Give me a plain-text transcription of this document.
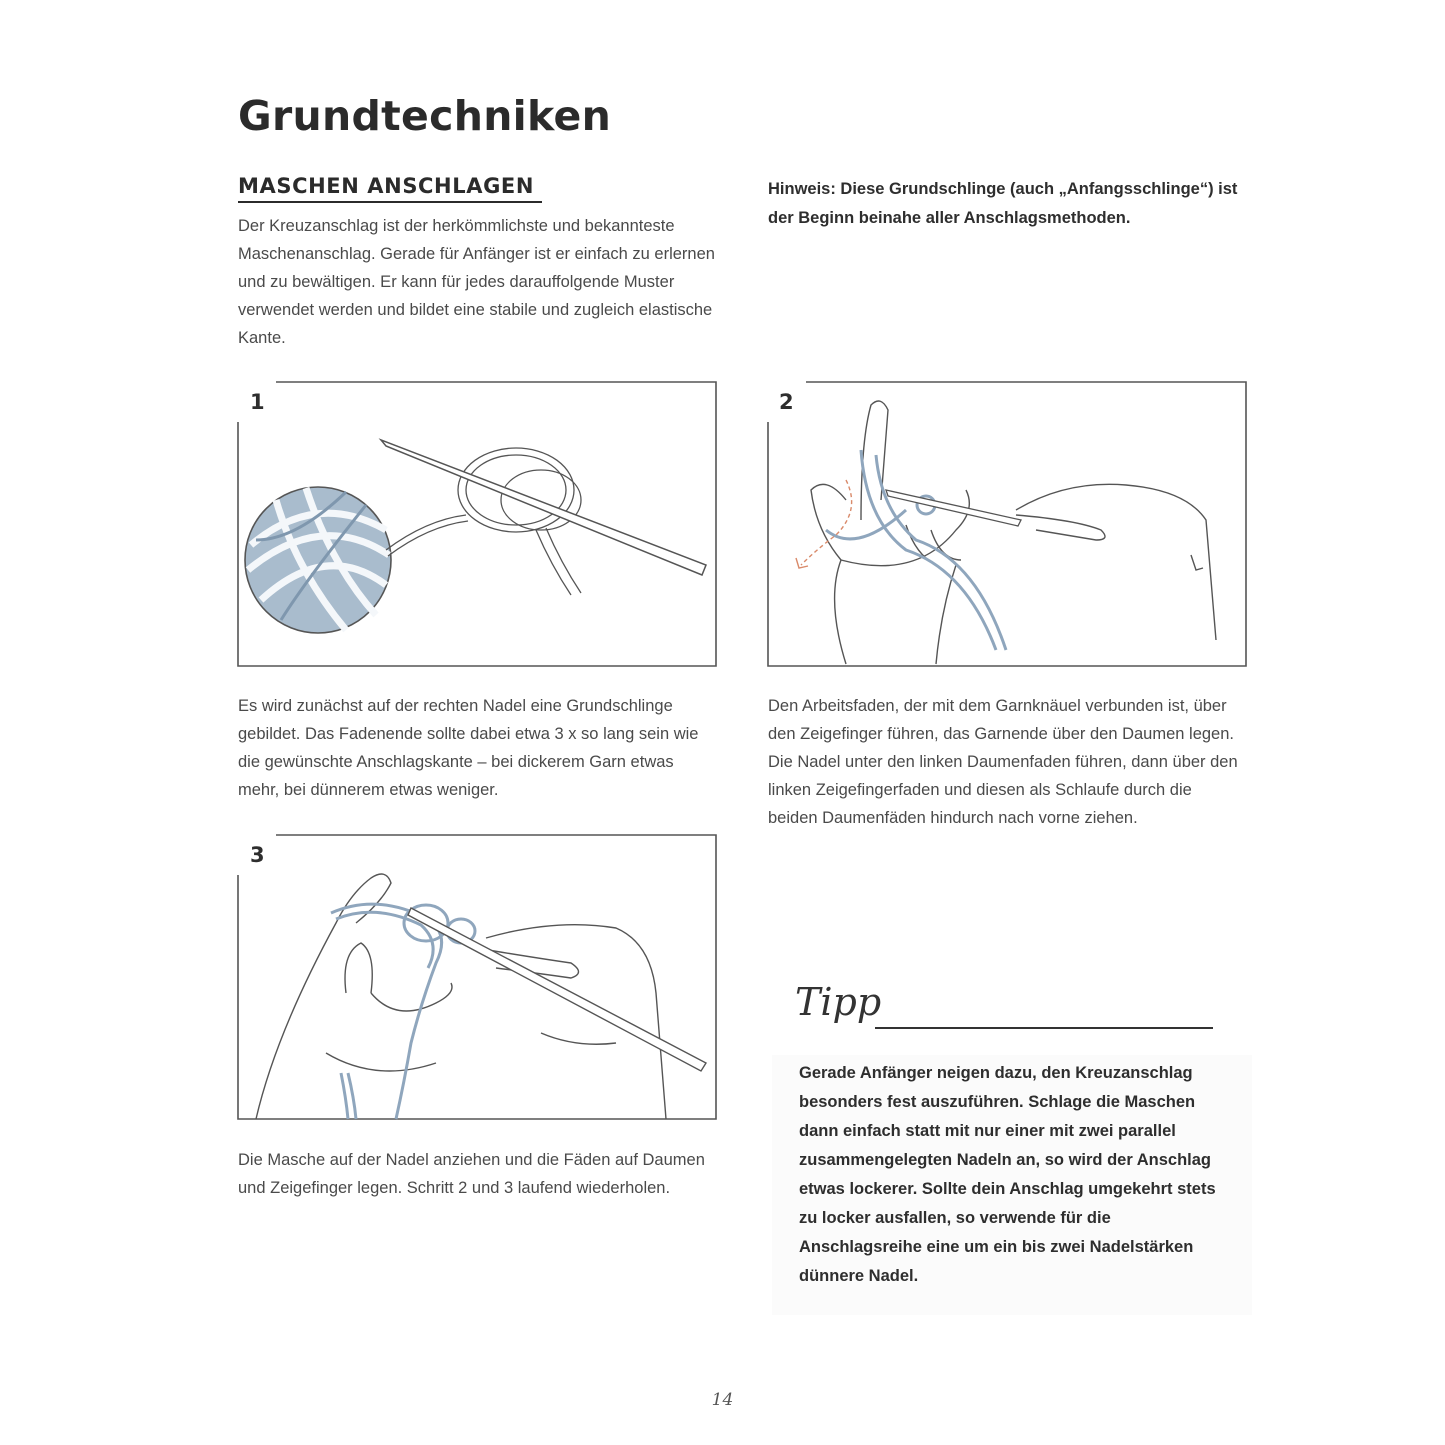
Grundtechniken
MASCHEN ANSCHLAGEN

Der Kreuzanschlag ist der herkömmlichste und bekannteste Maschenanschlag. Gerade für Anfänger ist er einfach zu erlernen und zu bewältigen. Er kann für jedes darauffolgende Muster verwendet werden und bildet eine stabile und zugleich elastische Kante.

Hinweis: Diese Grundschlinge (auch „Anfangsschlinge“) ist der Beginn beinahe aller Anschlagsmethoden.

1

Es wird zunächst auf der rechten Nadel eine Grundschlinge gebildet. Das Fadenende sollte dabei etwa 3 x so lang sein wie die gewünschte Anschlagskante – bei dickerem Garn etwas mehr, bei dünnerem etwas weniger.

2

Den Arbeitsfaden, der mit dem Garnknäuel verbunden ist, über den Zeigefinger führen, das Garnende über den Daumen legen. Die Nadel unter den linken Daumenfaden führen, dann über den linken Zeigefingerfaden und diesen als Schlaufe durch die beiden Daumenfäden hindurch nach vorne ziehen.

3

Die Masche auf der Nadel anziehen und die Fäden auf Daumen und Zeigefinger legen. Schritt 2 und 3 laufend wiederholen.

Tipp

Gerade Anfänger neigen dazu, den Kreuzanschlag besonders fest auszuführen. Schlage die Maschen dann einfach statt mit nur einer mit zwei parallel zusammengelegten Nadeln an, so wird der Anschlag etwas lockerer. Sollte dein Anschlag umgekehrt stets zu locker ausfallen, so verwende für die Anschlagsreihe eine um ein bis zwei Nadelstärken dünnere Nadel.

14
